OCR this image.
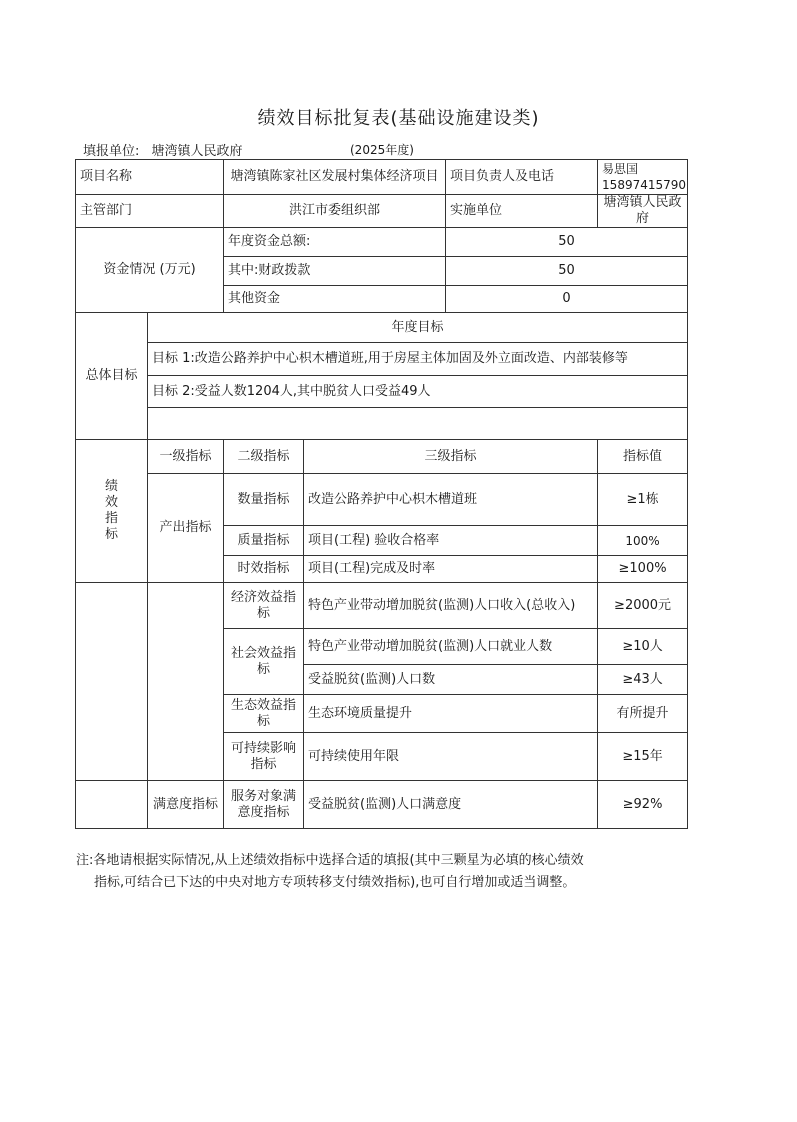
绩效目标批复表(基础设施建设类)
填报单位: 塘湾镇人民政府	(2025年度)
项目名称		塘湾镇陈家社区发展村集体经济项目		项目负责人及电话	易思国15897415790
主管部门		洪江市委组织部		实施单位	塘湾镇人民政府
资金情况 (万元)		年度资金总额:		50	
		其中:财政拨款		50	
		其他资金		0	
总体目标	年度目标				
	目标 1:改造公路养护中心枳木槽道班,用于房屋主体加固及外立面改造、内部装修等				
	目标 2:受益人数1204人,其中脱贫人口受益49人				

绩效指标	一级指标	二级指标	三级指标		指标值
	产出指标	数量指标	改造公路养护中心枳木槽道班		≥1栋
		质量指标	项目(工程) 验收合格率		100%
		时效指标	项目(工程)完成及时率		≥100%
		经济效益指标	特色产业带动增加脱贫(监测)人口收入(总收入)		≥2000元
		社会效益指标	特色产业带动增加脱贫(监测)人口就业人数		≥10人
			受益脱贫(监测)人口数		≥43人
		生态效益指标	生态环境质量提升		有所提升
		可持续影响指标	可持续使用年限		≥15年
	满意度指标	服务对象满意度指标	受益脱贫(监测)人口满意度		≥92%
注:各地请根据实际情况,从上述绩效指标中选择合适的填报(其中三颗星为必填的核心绩效
指标,可结合已下达的中央对地方专项转移支付绩效指标),也可自行增加或适当调整。
